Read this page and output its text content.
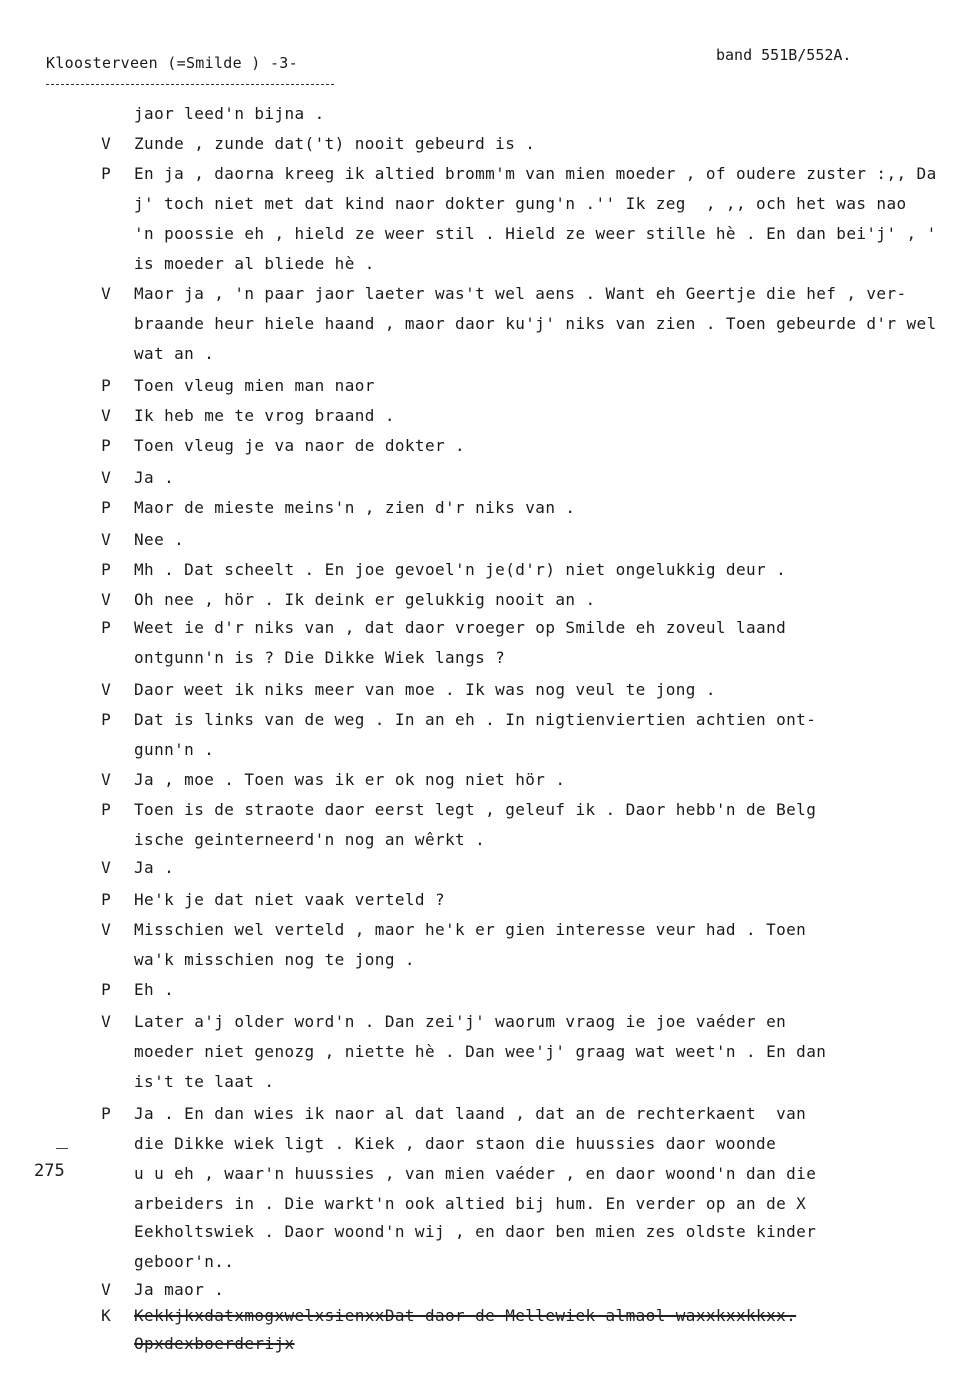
Kloosterveen (=Smilde ) -3-	band 551B/552A.
275
jaor leed'n bijna .
V	Zunde , zunde dat('t) nooit gebeurd is .
P	En ja , daorna kreeg ik altied bromm'm van mien moeder , of oudere zuster :,, Da
j' toch niet met dat kind naor dokter gung'n .'' Ik zeg  , ,, och het was nao
'n poossie eh , hield ze weer stil . Hield ze weer stille hè . En dan bei'j' , '
is moeder al bliede hè .
V	Maor ja , 'n paar jaor laeter was't wel aens . Want eh Geertje die hef , ver-
braande heur hiele haand , maor daor ku'j' niks van zien . Toen gebeurde d'r wel
wat an .
P	Toen vleug mien man naor
V	Ik heb me te vrog braand .
P	Toen vleug je va naor de dokter .
V	Ja .
P	Maor de mieste meins'n , zien d'r niks van .
V	Nee .
P	Mh . Dat scheelt . En joe gevoel'n je(d'r) niet ongelukkig deur .
V	Oh nee , hör . Ik deink er gelukkig nooit an .
P	Weet ie d'r niks van , dat daor vroeger op Smilde eh zoveul laand
ontgunn'n is ? Die Dikke Wiek langs ?
V	Daor weet ik niks meer van moe . Ik was nog veul te jong .
P	Dat is links van de weg . In an eh . In nigtienviertien achtien ont-
gunn'n .
V	Ja , moe . Toen was ik er ok nog niet hör .
P	Toen is de straote daor eerst legt , geleuf ik . Daor hebb'n de Belg
ische geinterneerd'n nog an wêrkt .
V	Ja .
P	He'k je dat niet vaak verteld ?
V	Misschien wel verteld , maor he'k er gien interesse veur had . Toen
wa'k misschien nog te jong .
P	Eh .
V	Later a'j older word'n . Dan zei'j' waorum vraog ie joe vaéder en
moeder niet genozg , niette hè . Dan wee'j' graag wat weet'n . En dan
is't te laat .
P	Ja . En dan wies ik naor al dat laand , dat an de rechterkaent  van
die Dikke wiek ligt . Kiek , daor staon die huussies daor woonde
u u eh , waar'n huussies , van mien vaéder , en daor woond'n dan die
arbeiders in . Die warkt'n ook altied bij hum. En verder op an de X
Eekholtswiek . Daor woond'n wij , en daor ben mien zes oldste kinder
geboor'n..
V	Ja maor .
K	KekkjkxdatxmogxwelxsienxxDat daor de Mellewiek almaol waxxkxxkkxx.
Opxdexboerderijx
